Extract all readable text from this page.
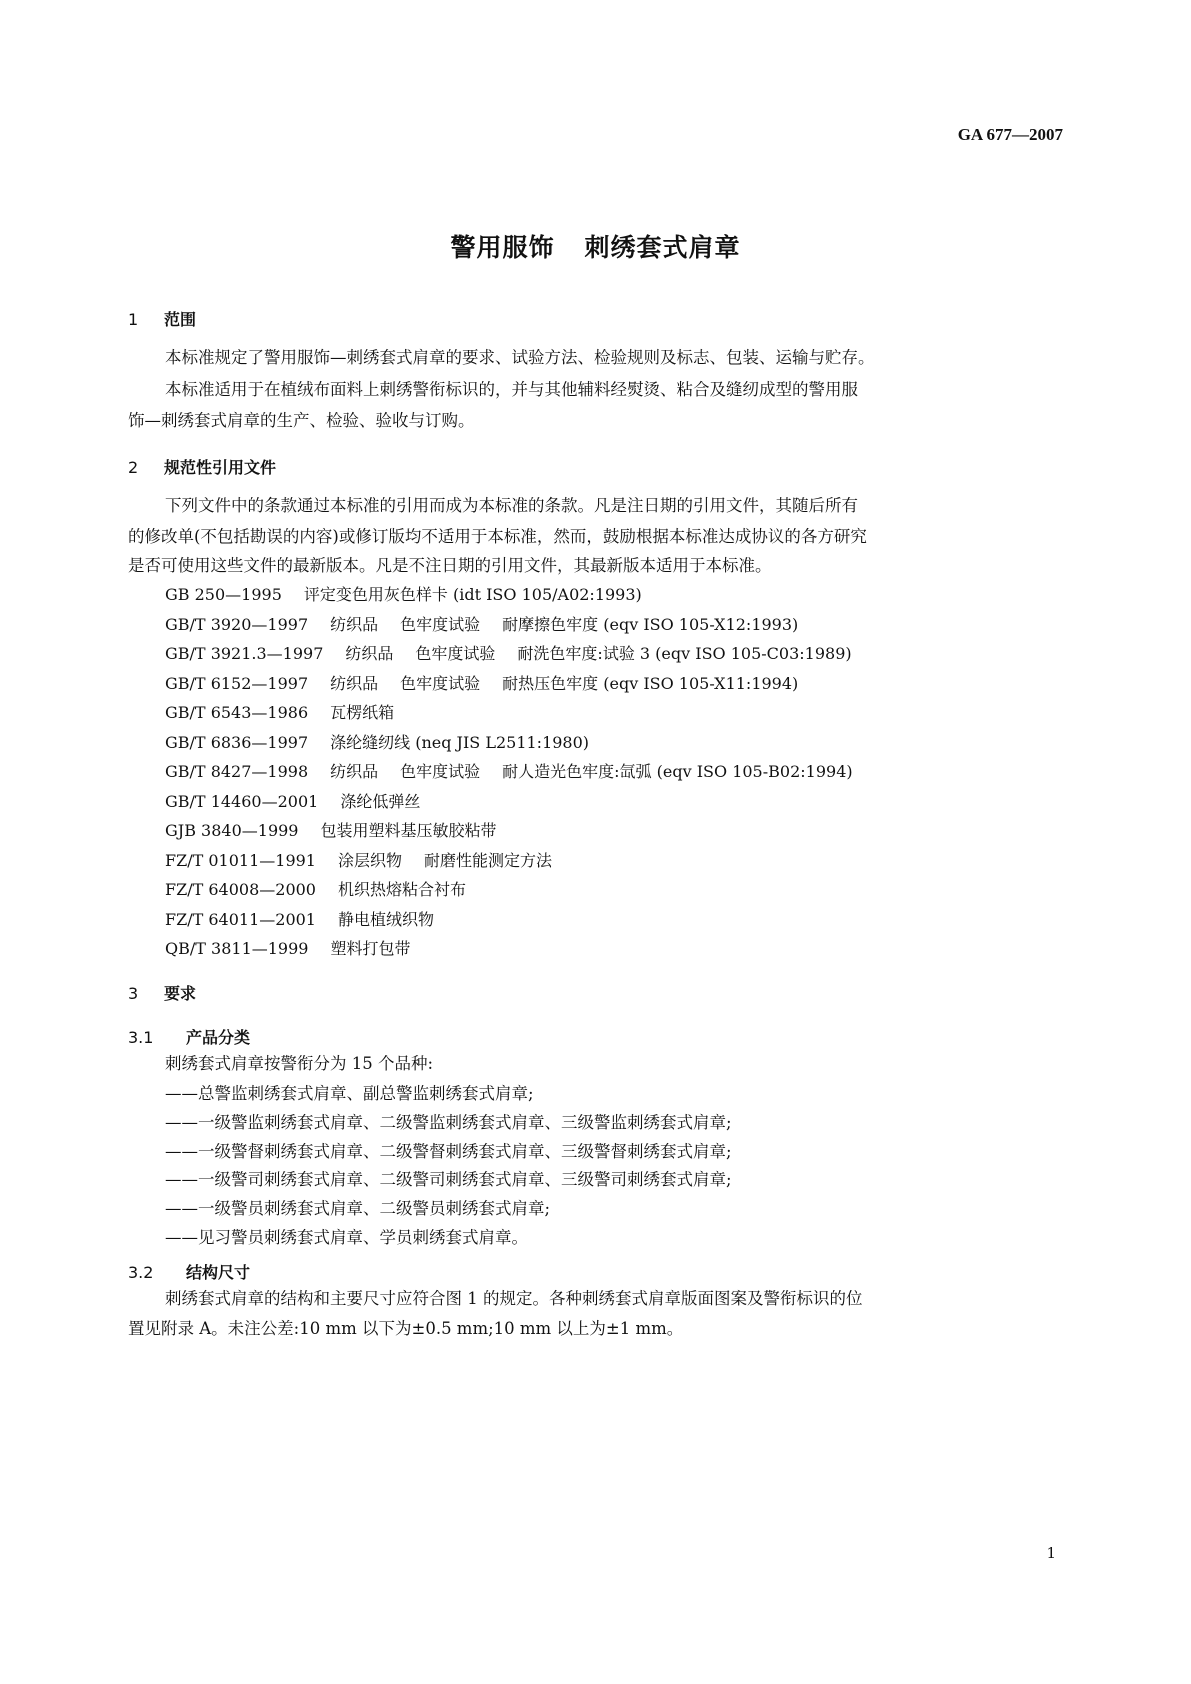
GA 677—2007
警用服饰 刺绣套式肩章
1 范围
本标准规定了警用服饰—刺绣套式肩章的要求、试验方法、检验规则及标志、包装、运输与贮存。
本标准适用于在植绒布面料上刺绣警衔标识的，并与其他辅料经熨烫、粘合及缝纫成型的警用服
饰—刺绣套式肩章的生产、检验、验收与订购。
2 规范性引用文件
下列文件中的条款通过本标准的引用而成为本标准的条款。凡是注日期的引用文件，其随后所有
的修改单(不包括勘误的内容)或修订版均不适用于本标准，然而，鼓励根据本标准达成协议的各方研究
是否可使用这些文件的最新版本。凡是不注日期的引用文件，其最新版本适用于本标准。
GB 250—1995 评定变色用灰色样卡 (idt ISO 105/A02:1993)
GB/T 3920—1997 纺织品 色牢度试验 耐摩擦色牢度 (eqv ISO 105-X12:1993)
GB/T 3921.3—1997 纺织品 色牢度试验 耐洗色牢度:试验 3 (eqv ISO 105-C03:1989)
GB/T 6152—1997 纺织品 色牢度试验 耐热压色牢度 (eqv ISO 105-X11:1994)
GB/T 6543—1986 瓦楞纸箱
GB/T 6836—1997 涤纶缝纫线 (neq JIS L2511:1980)
GB/T 8427—1998 纺织品 色牢度试验 耐人造光色牢度:氙弧 (eqv ISO 105-B02:1994)
GB/T 14460—2001 涤纶低弹丝
GJB 3840—1999 包装用塑料基压敏胶粘带
FZ/T 01011—1991 涂层织物 耐磨性能测定方法
FZ/T 64008—2000 机织热熔粘合衬布
FZ/T 64011—2001 静电植绒织物
QB/T 3811—1999 塑料打包带
3 要求
3.1 产品分类
刺绣套式肩章按警衔分为 15 个品种:
——总警监刺绣套式肩章、副总警监刺绣套式肩章;
——一级警监刺绣套式肩章、二级警监刺绣套式肩章、三级警监刺绣套式肩章;
——一级警督刺绣套式肩章、二级警督刺绣套式肩章、三级警督刺绣套式肩章;
——一级警司刺绣套式肩章、二级警司刺绣套式肩章、三级警司刺绣套式肩章;
——一级警员刺绣套式肩章、二级警员刺绣套式肩章;
——见习警员刺绣套式肩章、学员刺绣套式肩章。
3.2 结构尺寸
刺绣套式肩章的结构和主要尺寸应符合图 1 的规定。各种刺绣套式肩章版面图案及警衔标识的位
置见附录 A。未注公差:10 mm 以下为±0.5 mm;10 mm 以上为±1 mm。
1
